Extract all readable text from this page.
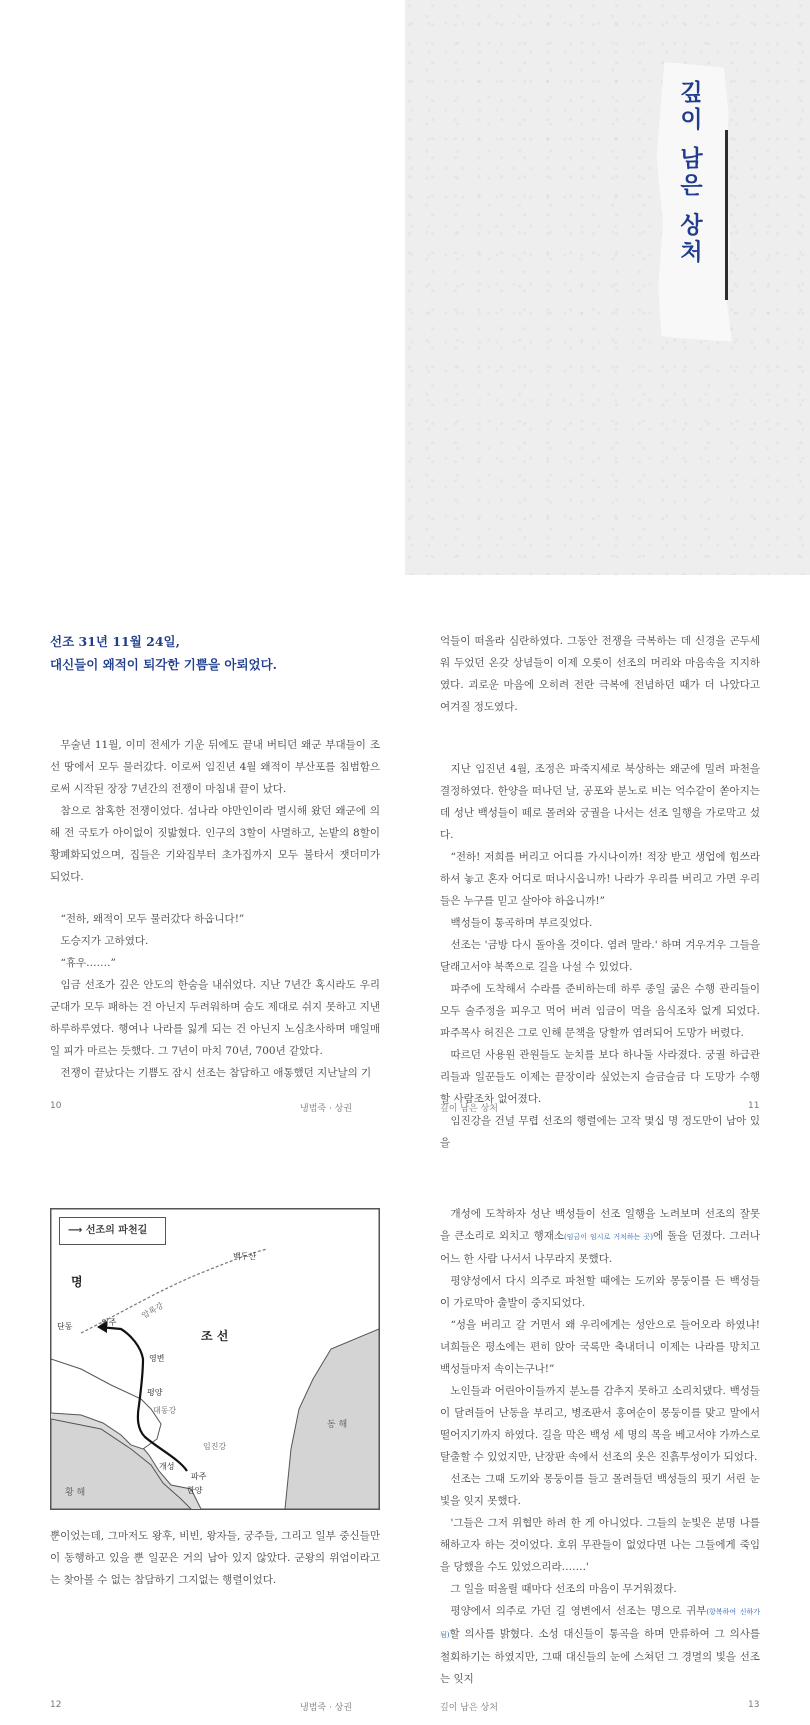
깊이 남은 상처
선조 31년 11월 24일,
대신들이 왜적이 퇴각한 기쁨을 아뢰었다.

무술년 11월, 이미 전세가 기운 뒤에도 끝내 버티던 왜군 부대들이 조선 땅에서 모두 물러갔다. 이로써 임진년 4월 왜적이 부산포를 침범함으로써 시작된 장장 7년간의 전쟁이 마침내 끝이 났다.

참으로 참혹한 전쟁이었다. 섬나라 야만인이라 멸시해 왔던 왜군에 의해 전 국토가 아이없이 짓밟혔다. 인구의 3할이 사멸하고, 논밭의 8할이 황폐화되었으며, 집들은 기와집부터 초가집까지 모두 불타서 잿더미가 되었다.

“전하, 왜적이 모두 물러갔다 하옵니다!”

도승지가 고하였다.

“휴우…….”

임금 선조가 깊은 안도의 한숨을 내쉬었다. 지난 7년간 혹시라도 우리 군대가 모두 패하는 건 아닌지 두려워하며 숨도 제대로 쉬지 못하고 지낸 하루하루였다. 행여나 나라를 잃게 되는 건 아닌지 노심초사하며 매일매일 피가 마르는 듯했다. 그 7년이 마치 70년, 700년 같았다.

전쟁이 끝났다는 기쁨도 잠시 선조는 참담하고 애통했던 지난날의 기

10	냉범죽 · 상권

억들이 떠올라 심란하였다. 그동안 전쟁을 극복하는 데 신경을 곤두세워 두었던 온갖 상념들이 이제 오롯이 선조의 머리와 마음속을 지지하였다. 괴로운 마음에 오히려 전란 극복에 전념하던 때가 더 나았다고 여겨질 정도였다.

지난 임진년 4월, 조정은 파죽지세로 북상하는 왜군에 밀려 파천을 결정하였다. 한양을 떠나던 날, 공포와 분노로 비는 억수같이 쏟아지는데 성난 백성들이 떼로 몰려와 궁궐을 나서는 선조 일행을 가로막고 섰다.

“전하! 저희를 버리고 어디를 가시나이까! 적장 받고 생업에 힘쓰라 하셔 놓고 혼자 어디로 떠나시옵니까! 나라가 우리를 버리고 가면 우리들은 누구를 믿고 살아야 하옵니까!”

백성들이 통곡하며 부르짖었다.

선조는 '금방 다시 돌아올 것이다. 염려 말라.' 하며 겨우겨우 그들을 달래고서야 북쪽으로 길을 나설 수 있었다.

파주에 도착해서 수라를 준비하는데 하루 종일 굶은 수행 관리들이 모두 술주정을 피우고 먹어 버려 임금이 먹을 음식조차 없게 되었다. 파주목사 허진은 그로 인해 문책을 당할까 염려되어 도망가 버렸다.

따르던 사용원 관원들도 눈치를 보다 하나둘 사라졌다. 궁궐 하급관리들과 일꾼들도 이제는 끝장이라 싶었는지 슬금슬금 다 도망가 수행할 사람조차 없어졌다.

임진강을 건널 무렵 선조의 행렬에는 고작 몇십 명 정도만이 남아 있을

깊이 남은 상처	11
⟶ 선조의 파천길
명
백두산
압록강
조 선
단동	의주
영변
평양
대동강
임진강
개성
파주
한양
동 해
황 해

뿐이었는데, 그마저도 왕후, 비빈, 왕자들, 궁주들, 그리고 일부 중신들만이 동행하고 있을 뿐 일꾼은 거의 남아 있지 않았다. 군왕의 위엄이라고는 찾아볼 수 없는 참담하기 그지없는 행렬이었다.

12	냉범죽 · 상권

개성에 도착하자 성난 백성들이 선조 일행을 노려보며 선조의 잘못을 큰소리로 외치고 행재소(임금이 임시로 거처하는 곳)에 돌을 던졌다. 그러나 어느 한 사람 나서서 나무라지 못했다.

평양성에서 다시 의주로 파천할 때에는 도끼와 몽둥이를 든 백성들이 가로막아 출발이 중지되었다.

“성을 버리고 갈 거면서 왜 우리에게는 성안으로 들어오라 하였냐! 녀희들은 평소에는 편히 앉아 국록만 축내더니 이제는 나라를 망치고 백성들마저 속이는구나!”

노인들과 어린아이들까지 분노를 감추지 못하고 소리치댔다. 백성들이 달려들어 난동을 부리고, 병조판서 홍여순이 몽둥이를 맞고 말에서 떨어지기까지 하였다. 길을 막은 백성 세 명의 목을 베고서야 가까스로 탈출할 수 있었지만, 난장판 속에서 선조의 옷은 진흙투성이가 되었다.

선조는 그때 도끼와 몽둥이를 들고 몰려들던 백성들의 핏기 서린 눈빛을 잊지 못했다.

'그들은 그저 위협만 하려 한 게 아니었다. 그들의 눈빛은 분명 나를 해하고자 하는 것이었다. 호위 무관들이 없었다면 나는 그들에게 죽임을 당했을 수도 있었으리라…….'

그 일을 떠올릴 때마다 선조의 마음이 무거워졌다.

평양에서 의주로 가던 길 영변에서 선조는 명으로 귀부(항복하여 신하가 됨)할 의사를 밝혔다. 소성 대신들이 통곡을 하며 만류하여 그 의사를 철회하기는 하였지만, 그때 대신들의 눈에 스쳐던 그 경멸의 빛을 선조는 잊지

깊이 남은 상처	13
